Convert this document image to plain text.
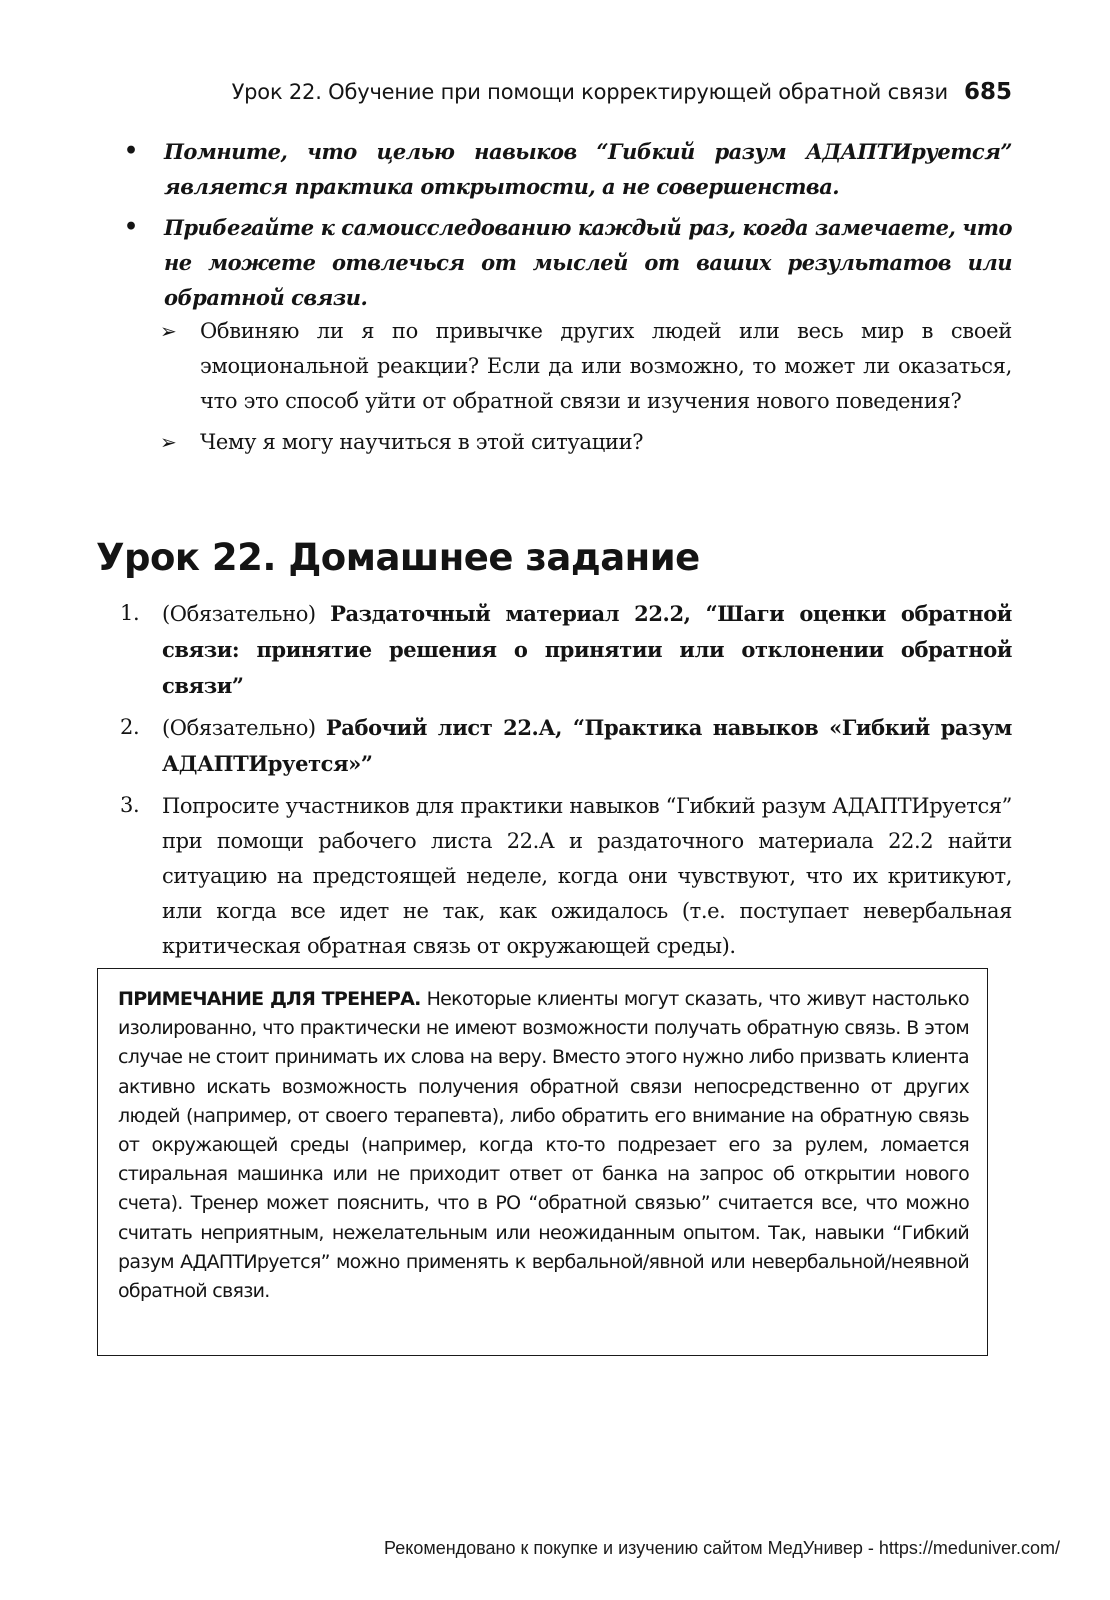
Урок 22. Обучение при помощи корректирующей обратной связи 685

• Помните, что целью навыков “Гибкий разум АДАПТИруется” является практика открытости, а не совершенства.

• Прибегайте к самоисследованию каждый раз, когда замечаете, что не можете отвлечься от мыслей от ваших результатов или обратной связи.

➢ Обвиняю ли я по привычке других людей или весь мир в своей эмоциональной реакции? Если да или возможно, то может ли оказаться, что это способ уйти от обратной связи и изучения нового поведения?

➢ Чему я могу научиться в этой ситуации?

Урок 22. Домашнее задание

1. (Обязательно) Раздаточный материал 22.2, “Шаги оценки обратной связи: принятие решения о принятии или отклонении обратной связи”

2. (Обязательно) Рабочий лист 22.А, “Практика навыков «Гибкий разум АДАПТИруется»”

3. Попросите участников для практики навыков “Гибкий разум АДАПТИруется” при помощи рабочего листа 22.А и раздаточного материала 22.2 найти ситуацию на предстоящей неделе, когда они чувствуют, что их критикуют, или когда все идет не так, как ожидалось (т.е. поступает невербальная критическая обратная связь от окружающей среды).

ПРИМЕЧАНИЕ ДЛЯ ТРЕНЕРА. Некоторые клиенты могут сказать, что живут настолько изолированно, что практически не имеют возможности получать обратную связь. В этом случае не стоит принимать их слова на веру. Вместо этого нужно либо призвать клиента активно искать возможность получения обратной связи непосредственно от других людей (например, от своего терапевта), либо обратить его внимание на обратную связь от окружающей среды (например, когда кто-то подрезает его за рулем, ломается стиральная машинка или не приходит ответ от банка на запрос об открытии нового счета). Тренер может пояснить, что в РО “обратной связью” считается все, что можно считать неприятным, нежелательным или неожиданным опытом. Так, навыки “Гибкий разум АДАПТИруется” можно применять к вербальной/явной или невербальной/неявной обратной связи.

Рекомендовано к покупке и изучению сайтом МедУнивер - https://meduniver.com/
